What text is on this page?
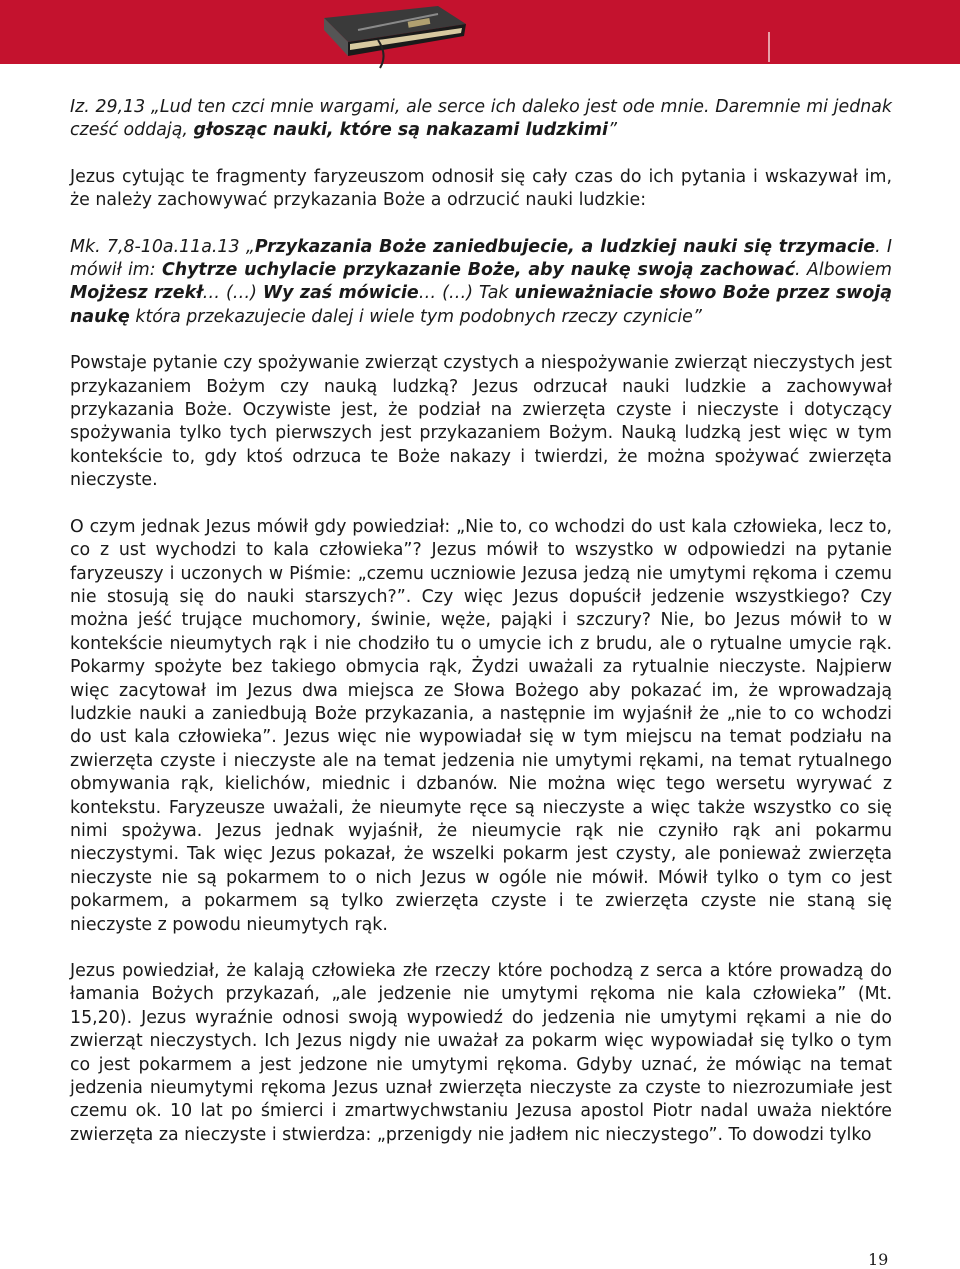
Iz. 29,13 „Lud ten czci mnie wargami, ale serce ich daleko jest ode mnie. Daremnie mi jednak cześć oddają, głosząc nauki, które są nakazami ludzkimi”

Jezus cytując te fragmenty faryzeuszom odnosił się cały czas do ich pytania i wskazywał im, że należy zachowywać przykazania Boże a odrzucić nauki ludzkie:

Mk. 7,8-10a.11a.13 „Przykazania Boże zaniedbujecie, a ludzkiej nauki się trzymacie. I mówił im: Chytrze uchylacie przykazanie Boże, aby naukę swoją zachować. Albowiem Mojżesz rzekł… (…) Wy zaś mówicie… (…) Tak unieważniacie słowo Boże przez swoją naukę która przekazujecie dalej i wiele tym podobnych rzeczy czynicie”

Powstaje pytanie czy spożywanie zwierząt czystych a niespożywanie zwierząt nieczystych jest przykazaniem Bożym czy nauką ludzką? Jezus odrzucał nauki ludzkie a zachowywał przykazania Boże. Oczywiste jest, że podział na zwierzęta czyste i nieczyste i dotyczący spożywania tylko tych pierwszych jest przykazaniem Bożym. Nauką ludzką jest więc w tym kontekście to, gdy ktoś odrzuca te Boże nakazy i twierdzi, że można spożywać zwierzęta nieczyste.

O czym jednak Jezus mówił gdy powiedział: „Nie to, co wchodzi do ust kala człowieka, lecz to, co z ust wychodzi to kala człowieka”? Jezus mówił to wszystko w odpowiedzi na pytanie faryzeuszy i uczonych w Piśmie: „czemu uczniowie Jezusa jedzą nie umytymi rękoma i czemu nie stosują się do nauki starszych?”. Czy więc Jezus dopuścił jedzenie wszystkiego? Czy można jeść trujące muchomory, świnie, węże, pająki i szczury? Nie, bo Jezus mówił to w kontekście nieumytych rąk i nie chodziło tu o umycie ich z brudu, ale o rytualne umycie rąk. Pokarmy spożyte bez takiego obmycia rąk, Żydzi uważali za rytualnie nieczyste. Najpierw więc zacytował im Jezus dwa miejsca ze Słowa Bożego aby pokazać im, że wprowadzają ludzkie nauki a zaniedbują Boże przykazania, a następnie im wyjaśnił że „nie to co wchodzi do ust kala człowieka”. Jezus więc nie wypowiadał się w tym miejscu na temat podziału na zwierzęta czyste i nieczyste ale na temat jedzenia nie umytymi rękami, na temat rytualnego obmywania rąk, kielichów, miednic i dzbanów. Nie można więc tego wersetu wyrywać z kontekstu. Faryzeusze uważali, że nieumyte ręce są nieczyste a więc także wszystko co się nimi spożywa. Jezus jednak wyjaśnił, że nieumycie rąk nie czyniło rąk ani pokarmu nieczystymi. Tak więc Jezus pokazał, że wszelki pokarm jest czysty, ale ponieważ zwierzęta nieczyste nie są pokarmem to o nich Jezus w ogóle nie mówił. Mówił tylko o tym co jest pokarmem, a pokarmem są tylko zwierzęta czyste i te zwierzęta czyste nie staną się nieczyste z powodu nieumytych rąk.

Jezus powiedział, że kalają człowieka złe rzeczy które pochodzą z serca a które prowadzą do łamania Bożych przykazań, „ale jedzenie nie umytymi rękoma nie kala człowieka” (Mt. 15,20). Jezus wyraźnie odnosi swoją wypowiedź do jedzenia nie umytymi rękami a nie do zwierząt nieczystych. Ich Jezus nigdy nie uważał za pokarm więc wypowiadał się tylko o tym co jest pokarmem a jest jedzone nie umytymi rękoma. Gdyby uznać, że mówiąc na temat jedzenia nieumytymi rękoma Jezus uznał zwierzęta nieczyste za czyste to niezrozumiałe jest czemu ok. 10 lat po śmierci i zmartwychwstaniu Jezusa apostol Piotr nadal uważa niektóre zwierzęta za nieczyste i stwierdza: „przenigdy nie jadłem nic nieczystego”. To dowodzi tylko

19
